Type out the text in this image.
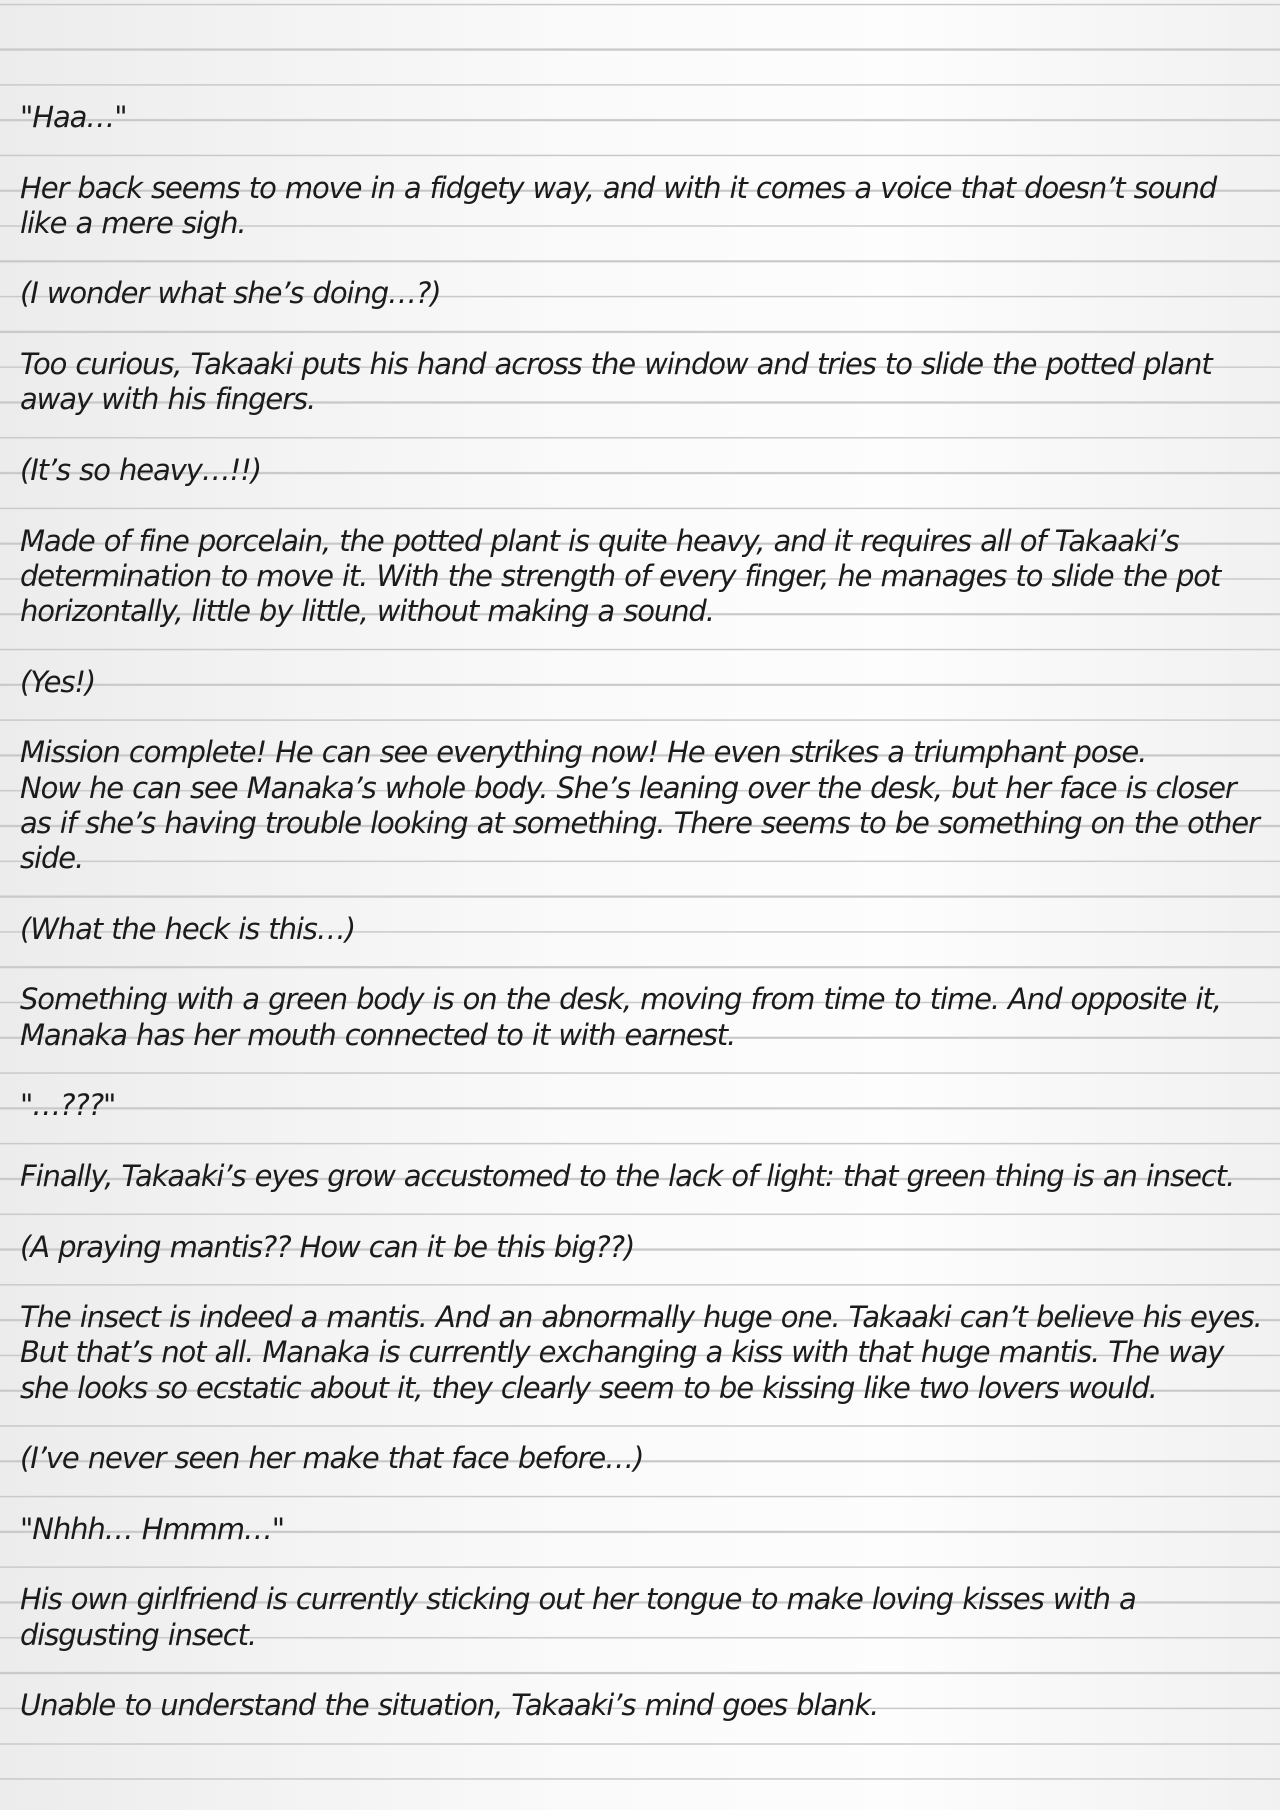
"Haa…"

Her back seems to move in a fidgety way, and with it comes a voice that doesn’t sound
like a mere sigh.

(I wonder what she’s doing…?)

Too curious, Takaaki puts his hand across the window and tries to slide the potted plant
away with his fingers.

(It’s so heavy…!!)

Made of fine porcelain, the potted plant is quite heavy, and it requires all of Takaaki’s
determination to move it. With the strength of every finger, he manages to slide the pot
horizontally, little by little, without making a sound.

(Yes!)

Mission complete! He can see everything now! He even strikes a triumphant pose.
Now he can see Manaka’s whole body. She’s leaning over the desk, but her face is closer
as if she’s having trouble looking at something. There seems to be something on the other
side.

(What the heck is this…)

Something with a green body is on the desk, moving from time to time. And opposite it,
Manaka has her mouth connected to it with earnest.

"…???"

Finally, Takaaki’s eyes grow accustomed to the lack of light: that green thing is an insect.

(A praying mantis?? How can it be this big??)

The insect is indeed a mantis. And an abnormally huge one. Takaaki can’t believe his eyes.
But that’s not all. Manaka is currently exchanging a kiss with that huge mantis. The way
she looks so ecstatic about it, they clearly seem to be kissing like two lovers would.

(I’ve never seen her make that face before…)

"Nhhh… Hmmm…"

His own girlfriend is currently sticking out her tongue to make loving kisses with a
disgusting insect.

Unable to understand the situation, Takaaki’s mind goes blank.
